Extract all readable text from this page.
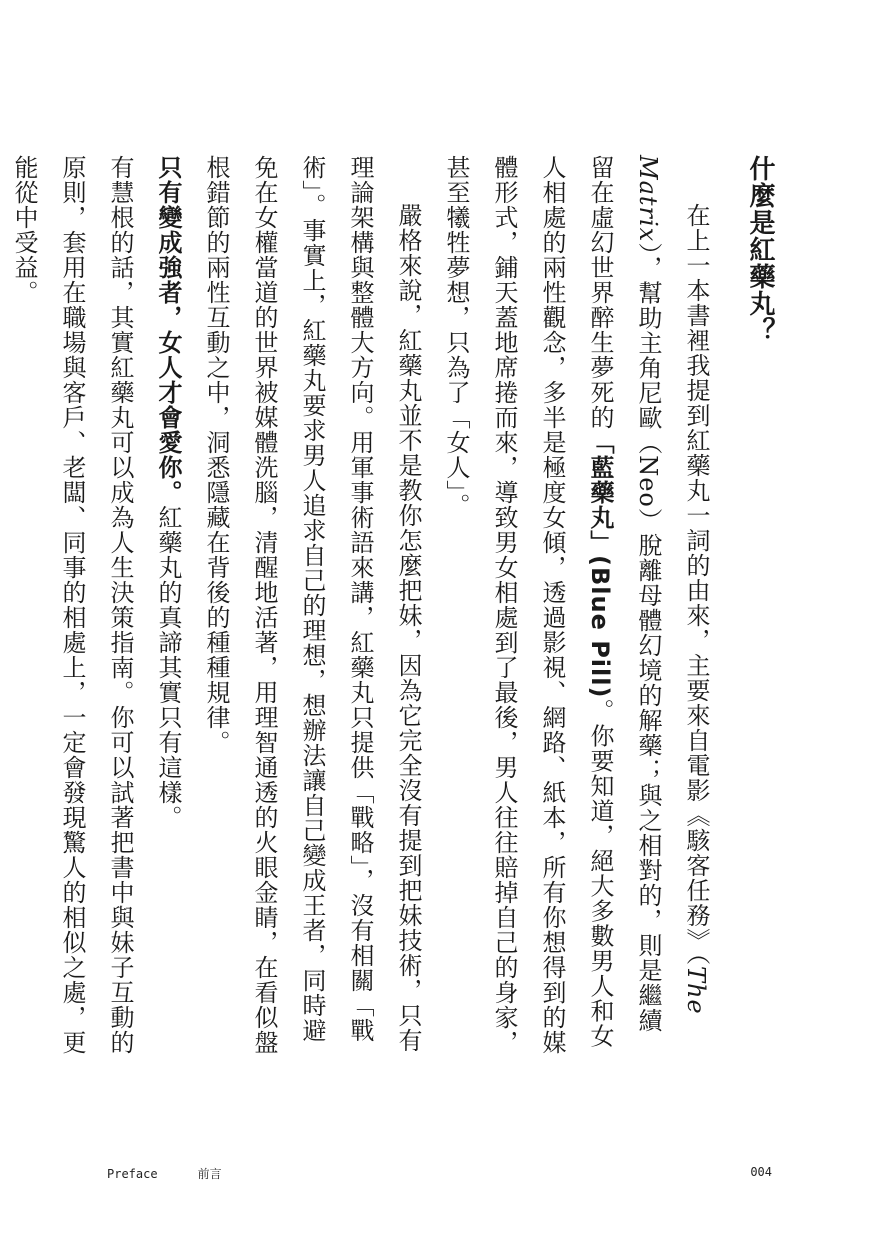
什麼是紅藥丸？
在上一本書裡我提到紅藥丸一詞的由來，主要來自電影《駭客任務》（The Matrix），幫助主角尼歐（Neo）脫離母體幻境的解藥；與之相對的，則是繼續留在虛幻世界醉生夢死的「藍藥丸」(Blue Pill)。你要知道，絕大多數男人和女人相處的兩性觀念，多半是極度女傾，透過影視、網路、紙本，所有你想得到的媒體形式，鋪天蓋地席捲而來，導致男女相處到了最後，男人往往賠掉自己的身家，甚至犧牲夢想，只為了「女人」。
嚴格來說，紅藥丸並不是教你怎麼把妹，因為它完全沒有提到把妹技術，只有理論架構與整體大方向。用軍事術語來講，紅藥丸只提供「戰略」，沒有相關「戰術」。事實上，紅藥丸要求男人追求自己的理想，想辦法讓自己變成王者，同時避免在女權當道的世界被媒體洗腦，清醒地活著，用理智通透的火眼金睛，在看似盤根錯節的兩性互動之中，洞悉隱藏在背後的種種規律。
只有變成強者，女人才會愛你。紅藥丸的真諦其實只有這樣。
有慧根的話，其實紅藥丸可以成為人生決策指南。你可以試著把書中與妹子互動的原則，套用在職場與客戶、老闆、同事的相處上，一定會發現驚人的相似之處，更能從中受益。
Preface	前言	004
